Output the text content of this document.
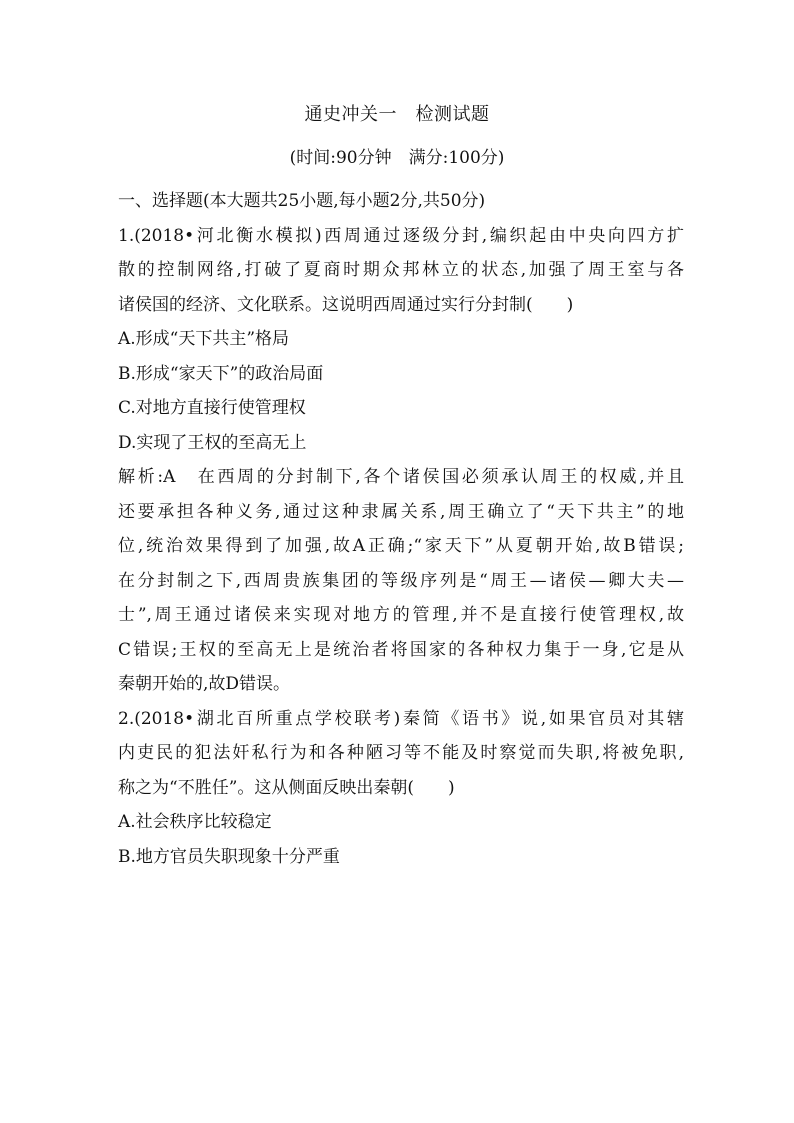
通史冲关一　检测试题
(时间:90分钟　满分:100分)
一、选择题(本大题共25小题,每小题2分,共50分)
1.(2018•河北衡水模拟)西周通过逐级分封,编织起由中央向四方扩
散的控制网络,打破了夏商时期众邦林立的状态,加强了周王室与各
诸侯国的经济、文化联系。这说明西周通过实行分封制(　　)
A.形成“天下共主”格局
B.形成“家天下”的政治局面
C.对地方直接行使管理权
D.实现了王权的至高无上
解析:A　在西周的分封制下,各个诸侯国必须承认周王的权威,并且
还要承担各种义务,通过这种隶属关系,周王确立了“天下共主”的地
位,统治效果得到了加强,故A正确;“家天下”从夏朝开始,故B错误;
在分封制之下,西周贵族集团的等级序列是“周王—诸侯—卿大夫—
士”,周王通过诸侯来实现对地方的管理,并不是直接行使管理权,故
C错误;王权的至高无上是统治者将国家的各种权力集于一身,它是从
秦朝开始的,故D错误。
2.(2018•湖北百所重点学校联考)秦简《语书》说,如果官员对其辖
内吏民的犯法奸私行为和各种陋习等不能及时察觉而失职,将被免职,
称之为“不胜任”。这从侧面反映出秦朝(　　)
A.社会秩序比较稳定
B.地方官员失职现象十分严重
